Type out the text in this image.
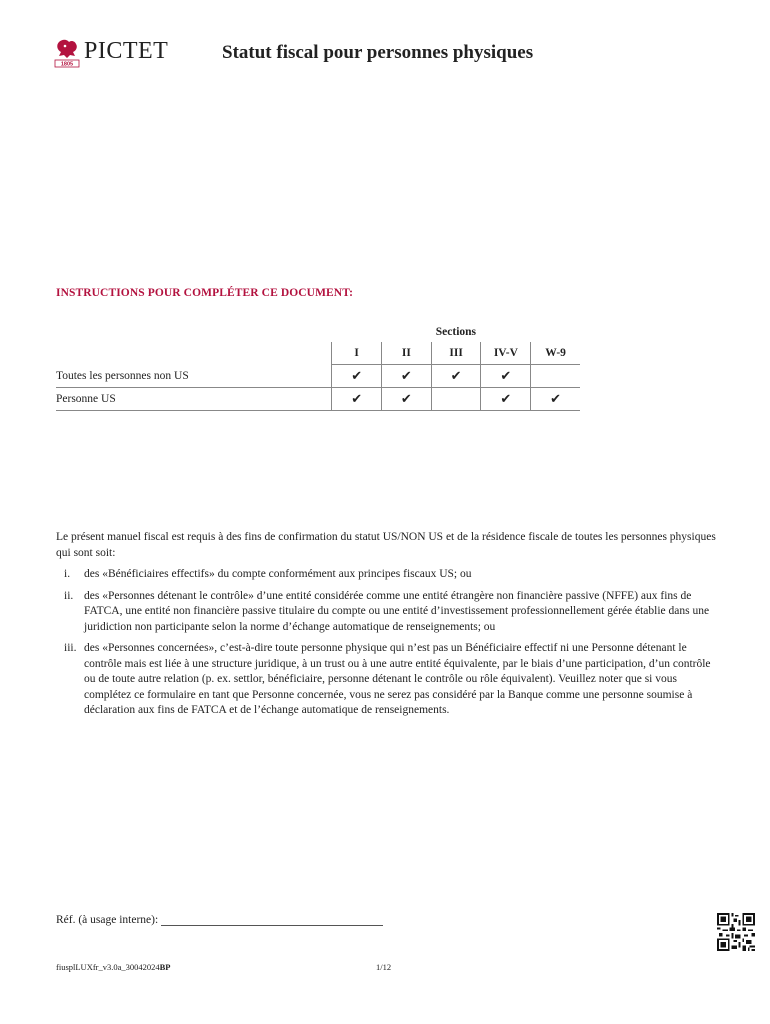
1805
PICTET	Statut fiscal pour personnes physiques
INSTRUCTIONS POUR COMPLÉTER CE DOCUMENT:
	Sections				
	I	II	III	IV-V	W-9
Toutes les personnes non US	✔	✔	✔	✔	
Personne US	✔	✔		✔	✔

Le présent manuel fiscal est requis à des fins de confirmation du statut US/NON US et de la résidence fiscale de toutes les personnes physiques qui sont soit:

i. des «Bénéficiaires effectifs» du compte conformément aux principes fiscaux US; ou
ii. des «Personnes détenant le contrôle» d’une entité considérée comme une entité étrangère non financière passive (NFFE) aux fins de FATCA, une entité non financière passive titulaire du compte ou une entité d’investissement professionnellement gérée établie dans une juridiction non participante selon la norme d’échange automatique de renseignements; ou
iii. des «Personnes concernées», c’est-à-dire toute personne physique qui n’est pas un Bénéficiaire effectif ni une Personne détenant le contrôle mais est liée à une structure juridique, à un trust ou à une autre entité équivalente, par le biais d’une participation, d’un contrôle ou de toute autre relation (p. ex. settlor, bénéficiaire, personne détenant le contrôle ou rôle équivalent). Veuillez noter que si vous complétez ce formulaire en tant que Personne concernée, vous ne serez pas considéré par la Banque comme une personne soumise à déclaration aux fins de FATCA et de l’échange automatique de renseignements.
Réf. (à usage interne):
fiusplLUXfr_v3.0a_30042024BP	1/12
